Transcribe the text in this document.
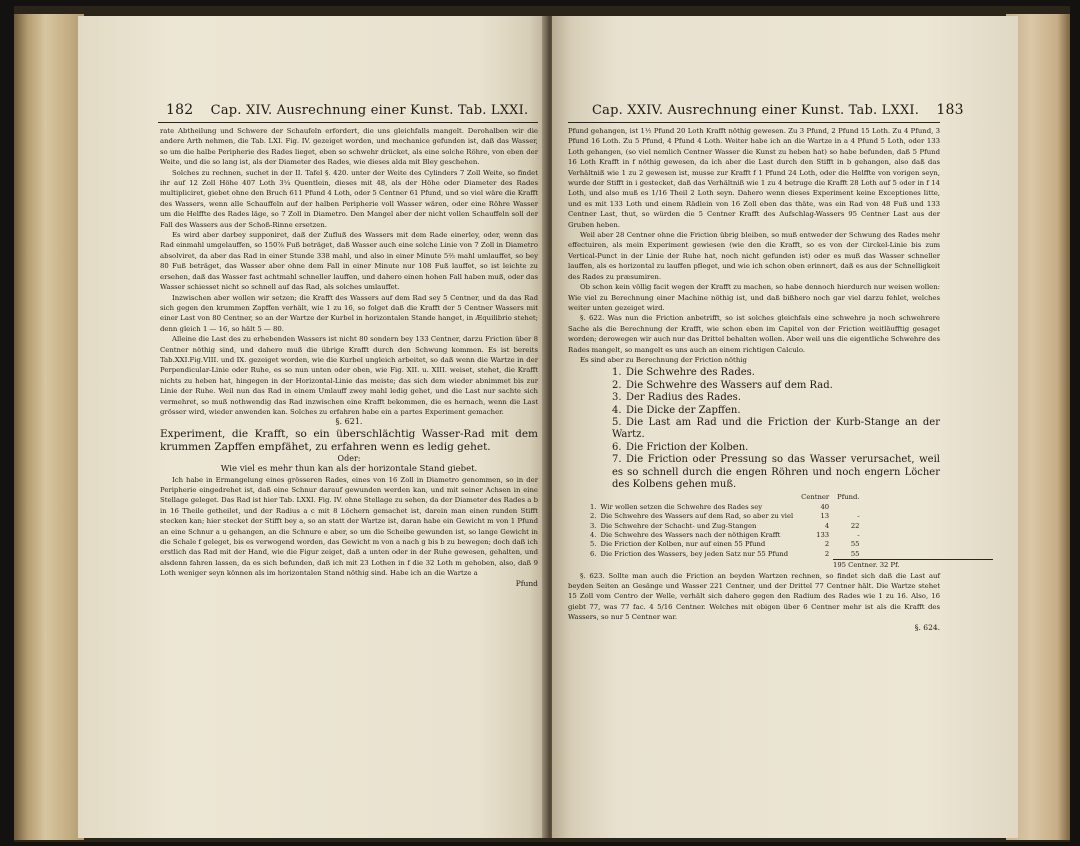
182 Cap. XIV. Ausrechnung einer Kunst. Tab. LXXI.

rate Abtheilung und Schwere der Schaufeln erfordert, die uns gleichfalls mangelt. Derohalben wir die andere Arth nehmen, die Tab. LXI. Fig. IV. gezeiget worden, und mechanice gefunden ist, daß das Wasser, so um die halbe Peripherie des Rades lieget, eben so schwehr drücket, als eine solche Röhre, von eben der Weite, und die so lang ist, als der Diameter des Rades, wie dieses alda mit Bley geschehen.

Solches zu rechnen, suchet in der II. Tafel §. 420. unter der Weite des Cylinders 7 Zoll Weite, so findet ihr auf 12 Zoll Höhe 407 Loth 3¼ Quentlein, dieses mit 48, als der Höhe oder Diameter des Rades multipliciret, giebet ohne den Bruch 611 Pfund 4 Loth, oder 5 Centner 61 Pfund, und so viel wäre die Krafft des Wassers, wenn alle Schauffeln auf der halben Peripherie voll Wasser wären, oder eine Röhre Wasser um die Helffte des Rades läge, so 7 Zoll in Diametro. Den Mangel aber der nicht vollen Schauffeln soll der Fall des Wassers aus der Schoß-Rinne ersetzen.

Es wird aber darbey supponiret, daß der Zufluß des Wassers mit dem Rade einerley, oder, wenn das Rad einmahl umgelauffen, so 150⅞ Fuß beträget, daß Wasser auch eine solche Linie von 7 Zoll in Diametro absolviret, da aber das Rad in einer Stunde 338 mahl, und also in einer Minute 5⅔ mahl umlauffet, so bey 80 Fuß beträget, das Wasser aber ohne dem Fall in einer Minute nur 108 Fuß lauffet, so ist leichte zu ersehen, daß das Wasser fast achtmahl schneller lauffen, und dahero einen hohen Fall haben muß, oder das Wasser schiesset nicht so schnell auf das Rad, als solches umlauffet.

Inzwischen aber wollen wir setzen; die Krafft des Wassers auf dem Rad sey 5 Centner, und da das Rad sich gegen den krummen Zapffen verhält, wie 1 zu 16, so folget daß die Krafft der 5 Centner Wassers mit einer Last von 80 Centner, so an der Wartze der Kurbel in horizontalen Stande hanget, in Æquilibrio stehet; denn gleich 1 — 16, so hält 5 — 80.

Alleine die Last des zu erhebenden Wassers ist nicht 80 sondern bey 133 Centner, darzu Friction über 8 Centner nöthig sind, und dahero muß die übrige Krafft durch den Schwung kommen. Es ist bereits Tab.XXI.Fig.VIII. und IX. gezeiget worden, wie die Kurbel ungleich arbeitet, so daß wenn die Wartze in der Perpendicular-Linie oder Ruhe, es so nun unten oder oben, wie Fig. XII. u. XIII. weiset, stehet, die Krafft nichts zu heben hat, hingegen in der Horizontal-Linie das meiste; das sich dem wieder abnimmet bis zur Linie der Ruhe. Weil nun das Rad in einem Umlauff zwey mahl ledig gehet, und die Last nur sachte sich vermehret, so muß nothwendig das Rad inzwischen eine Krafft bekommen, die es hernach, wenn die Last grösser wird, wieder anwenden kan. Solches zu erfahren habe ein a partes Experiment gemacher.

§. 621.

Experiment, die Krafft, so ein überschlächtig Wasser-Rad mit dem krummen Zapffen empfähet, zu erfahren wenn es ledig gehet.

Oder:

Wie viel es mehr thun kan als der horizontale Stand giebet.

Ich habe in Ermangelung eines grösseren Rades, eines von 16 Zoll in Diametro genommen, so in der Peripherie eingedrehet ist, daß eine Schnur darauf gewunden werden kan, und mit seiner Achsen in eine Stellage geleget. Das Rad ist hier Tab. LXXI. Fig. IV. ohne Stellage zu sehen, da der Diameter des Rades a b in 16 Theile getheilet, und der Radius a c mit 8 Löchern gemachet ist, darein man einen runden Stifft stecken kan; hier stecket der Stifft bey a, so an statt der Wartze ist, daran habe ein Gewicht m von 1 Pfund an eine Schnur a u gehangen, an die Schnure e aber, so um die Scheibe gewunden ist, so lange Gewicht in die Schale f geleget, bis es verwogend worden, das Gewicht m von a nach g bis b zu bewegen; doch daß ich erstlich das Rad mit der Hand, wie die Figur zeiget, daß a unten oder in der Ruhe gewesen, gehalten, und alsdenn fahren lassen, da es sich befunden, daß ich mit 23 Lothen in f die 32 Loth m gehoben, also, daß 9 Loth weniger seyn können als im horizontalen Stand nöthig sind. Habe ich an die Wartze a

Pfund

Cap. XXIV. Ausrechnung einer Kunst. Tab. LXXI. 183

Pfund gehangen, ist 1½ Pfund 20 Loth Krafft nöthig gewesen. Zu 3 Pfund, 2 Pfund 15 Loth. Zu 4 Pfund, 3 Pfund 16 Loth. Zu 5 Pfund, 4 Pfund 4 Loth. Weiter habe ich an die Wartze in a 4 Pfund 5 Loth, oder 133 Loth gehangen, (so viel nemlich Centner Wasser die Kunst zu heben hat) so habe befunden, daß 5 Pfund 16 Loth Krafft in f nöthig gewesen, da ich aber die Last durch den Stifft in b gehangen, also daß das Verhältniß wie 1 zu 2 gewesen ist, musse zur Krafft f 1 Pfund 24 Loth, oder die Helffte von vorigen seyn, wurde der Stifft in i gestecket, daß das Verhältniß wie 1 zu 4 betruge die Krafft 28 Loth auf 5 oder in f 14 Loth, und also muß es 1/16 Theil 2 Loth seyn. Dahero wenn dieses Experiment keine Exceptiones litte, und es mit 133 Loth und einem Rädlein von 16 Zoll eben das thäte, was ein Rad von 48 Fuß und 133 Centner Last, thut, so würden die 5 Centner Krafft des Aufschlag-Wassers 95 Centner Last aus der Gruben heben.

Weil aber 28 Centner ohne die Friction übrig bleiben, so muß entweder der Schwung des Rades mehr effectuiren, als mein Experiment gewiesen (wie den die Krafft, so es von der Circkel-Linie bis zum Vertical-Punct in der Linie der Ruhe hat, noch nicht gefunden ist) oder es muß das Wasser schneller lauffen, als es horizontal zu lauffen pfleget, und wie ich schon oben erinnert, daß es aus der Schnelligkeit des Rades zu præsumiren.

Ob schon kein völlig facit wegen der Krafft zu machen, so habe dennoch hierdurch nur weisen wollen: Wie viel zu Berechnung einer Machine nöthig ist, und daß bißhero noch gar viel darzu fehlet, welches weiter unten gezeiget wird.

§. 622. Was nun die Friction anbetrifft, so ist solches gleichfals eine schwehre ja noch schwehrere Sache als die Berechnung der Krafft, wie schon eben im Capitel von der Friction weitläufftig gesaget worden; derowegen wir auch nur das Drittel behalten wollen. Aber weil uns die eigentliche Schwehre des Rades mangelt, so mangelt es uns auch an einem richtigen Calculo.

Es sind aber zu Berechnung der Friction nöthig

1. Die Schwehre des Rades.
2. Die Schwehre des Wassers auf dem Rad.
3. Der Radius des Rades.
4. Die Dicke der Zapffen.
5. Die Last am Rad und die Friction der Kurb-Stange an der Wartz.
6. Die Friction der Kolben.
7. Die Friction oder Pressung so das Wasser verursachet, weil es so schnell durch die engen Röhren und noch engern Löcher des Kolbens gehen muß.
		Centner	Pfund.
1.	Wir wollen setzen die Schwehre des Rades sey	40	
2.	Die Schwehre des Wassers auf dem Rad, so aber zu viel	13	-
3.	Die Schwehre der Schacht- und Zug-Stangen	4	22
4.	Die Schwehre des Wassers nach der nöthigen Krafft	133	-
5.	Die Friction der Kolben, nur auf einen 55 Pfund	2	55
6.	Die Friction des Wassers, bey jeden Satz nur 55 Pfund	2	55
195 Centner. 32 Pf.

§. 623. Sollte man auch die Friction an beyden Wartzen rechnen, so findet sich daß die Last auf beyden Seiten an Gesänge und Wasser 221 Centner, und der Drittel 77 Centner hält. Die Wartze stehet 15 Zoll vom Centro der Welle, verhält sich dahero gegen den Radium des Rades wie 1 zu 16. Also, 16 giebt 77, was 77 fac. 4 5/16 Centner. Welches mit obigen über 6 Centner mehr ist als die Krafft des Wassers, so nur 5 Centner war.

§. 624.
